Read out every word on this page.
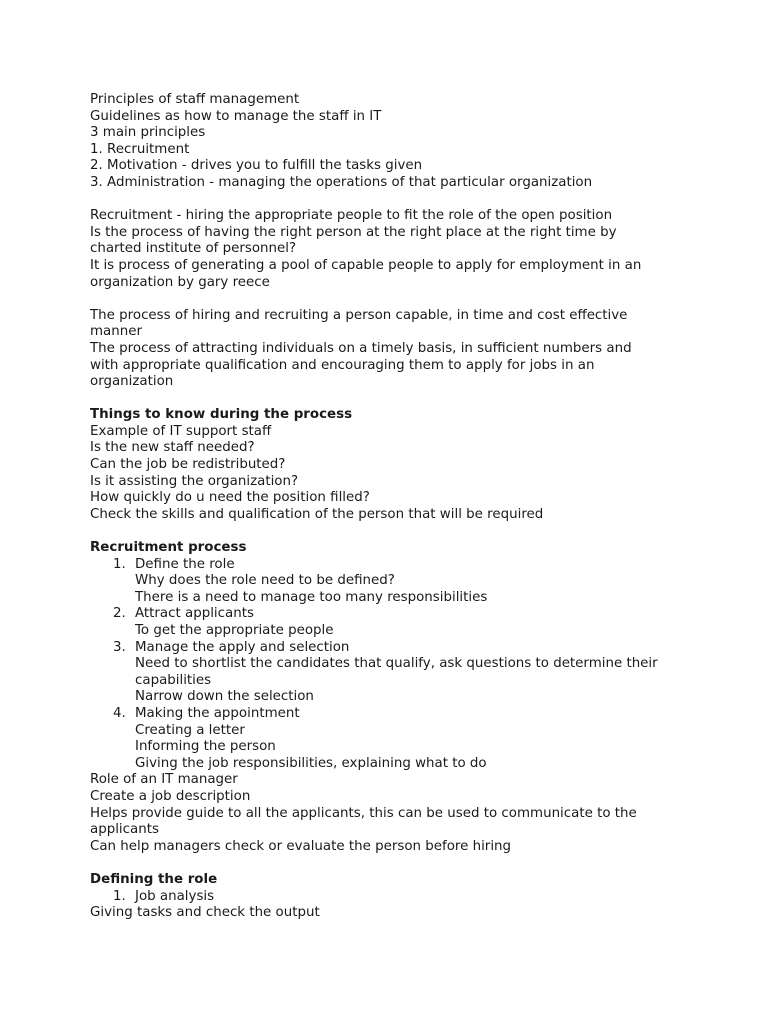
Principles of staff management
Guidelines as how to manage the staff in IT
3 main principles
1. Recruitment
2. Motivation - drives you to fulfill the tasks given
3. Administration - managing the operations of that particular organization
Recruitment - hiring the appropriate people to fit the role of the open position
Is the process of having the right person at the right place at the right time by charted institute of personnel?
It is process of generating a pool of capable people to apply for employment in an organization by gary reece
The process of hiring and recruiting a person capable, in time and cost effective manner
The process of attracting individuals on a timely basis, in sufficient numbers and with appropriate qualification and encouraging them to apply for jobs in an organization
Things to know during the process
Example of IT support staff
Is the new staff needed?
Can the job be redistributed?
Is it assisting the organization?
How quickly do u need the position filled?
Check the skills and qualification of the person that will be required
Recruitment process
1. Define the role
Why does the role need to be defined?
There is a need to manage too many responsibilities
2. Attract applicants
To get the appropriate people
3. Manage the apply and selection
Need to shortlist the candidates that qualify, ask questions to determine their capabilities
Narrow down the selection
4. Making the appointment
Creating a letter
Informing the person
Giving the job responsibilities, explaining what to do
Role of an IT manager
Create a job description
Helps provide guide to all the applicants, this can be used to communicate to the applicants
Can help managers check or evaluate the person before hiring
Defining the role
1. Job analysis
Giving tasks and check the output
